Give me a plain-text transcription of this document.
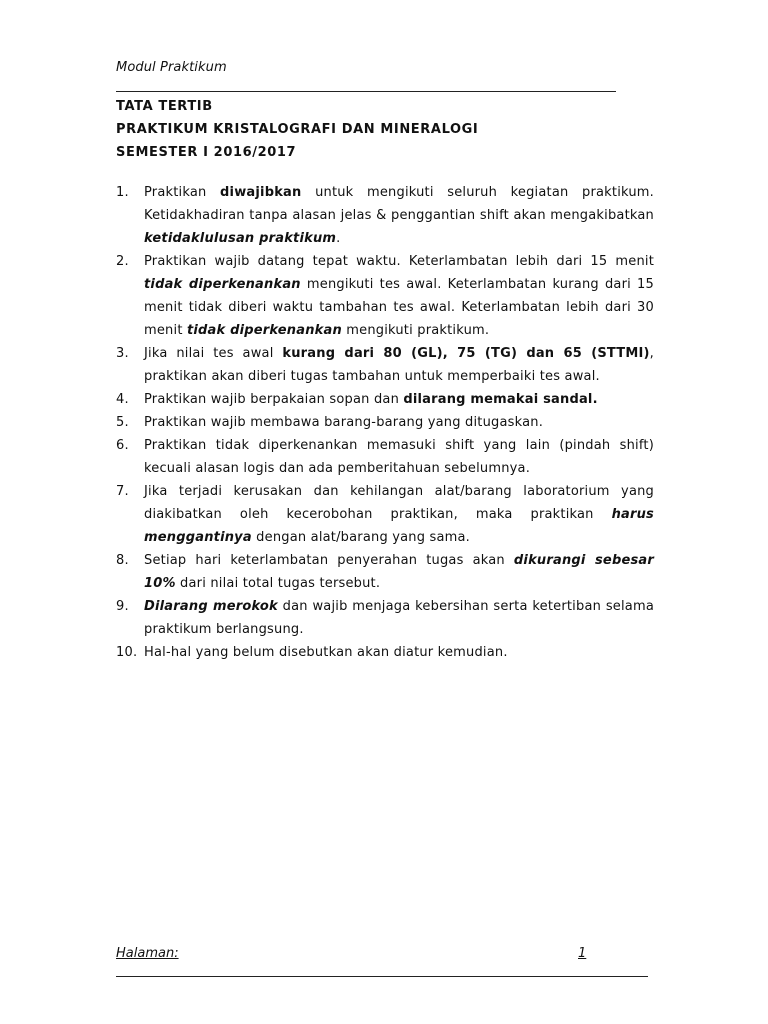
Modul Praktikum
TATA TERTIB
PRAKTIKUM KRISTALOGRAFI DAN MINERALOGI
SEMESTER I 2016/2017
1. Praktikan diwajibkan untuk mengikuti seluruh kegiatan praktikum. Ketidakhadiran tanpa alasan jelas & penggantian shift akan mengakibatkan ketidaklulusan praktikum.
2. Praktikan wajib datang tepat waktu. Keterlambatan lebih dari 15 menit tidak diperkenankan mengikuti tes awal. Keterlambatan kurang dari 15 menit tidak diberi waktu tambahan tes awal. Keterlambatan lebih dari 30 menit tidak diperkenankan mengikuti praktikum.
3. Jika nilai tes awal kurang dari 80 (GL), 75 (TG) dan 65 (STTMI), praktikan akan diberi tugas tambahan untuk memperbaiki tes awal.
4. Praktikan wajib berpakaian sopan dan dilarang memakai sandal.
5. Praktikan wajib membawa barang-barang yang ditugaskan.
6. Praktikan tidak diperkenankan memasuki shift yang lain (pindah shift) kecuali alasan logis dan ada pemberitahuan sebelumnya.
7. Jika terjadi kerusakan dan kehilangan alat/barang laboratorium yang diakibatkan oleh kecerobohan praktikan, maka praktikan harus menggantinya dengan alat/barang yang sama.
8. Setiap hari keterlambatan penyerahan tugas akan dikurangi sebesar 10% dari nilai total tugas tersebut.
9. Dilarang merokok dan wajib menjaga kebersihan serta ketertiban selama praktikum berlangsung.
10. Hal-hal yang belum disebutkan akan diatur kemudian.
Halaman:	1
